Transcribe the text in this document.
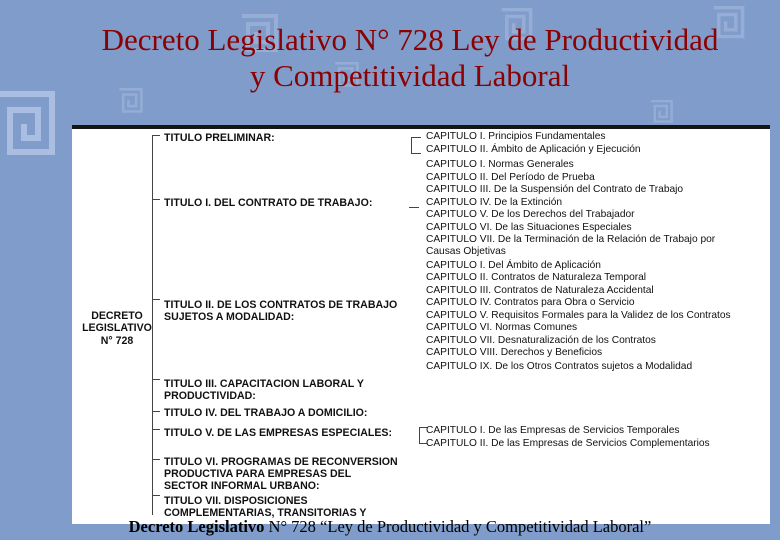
Decreto Legislativo N° 728 Ley de Productividad
y Competitividad Laboral
DECRETO
LEGISLATIVO
N° 728
TITULO PRELIMINAR:
TITULO I. DEL CONTRATO DE TRABAJO:
TITULO II. DE LOS CONTRATOS DE TRABAJO
SUJETOS A MODALIDAD:
TITULO III. CAPACITACION LABORAL Y
PRODUCTIVIDAD:
TITULO IV. DEL TRABAJO A DOMICILIO:
TITULO V. DE LAS EMPRESAS ESPECIALES:
TITULO VI. PROGRAMAS DE RECONVERSION
PRODUCTIVA PARA EMPRESAS DEL
SECTOR INFORMAL URBANO:
TITULO VII. DISPOSICIONES
COMPLEMENTARIAS, TRANSITORIAS Y
CAPITULO I. Principios Fundamentales
CAPITULO II. Ámbito de Aplicación y Ejecución
CAPITULO I. Normas Generales
CAPITULO II. Del Período de Prueba
CAPITULO III. De la Suspensión del Contrato de Trabajo
CAPITULO IV. De la Extinción
CAPITULO V. De los Derechos del Trabajador
CAPITULO VI. De las Situaciones Especiales
CAPITULO VII. De la Terminación de la Relación de Trabajo por
Causas Objetivas
CAPITULO I. Del Ámbito de Aplicación
CAPITULO II. Contratos de Naturaleza Temporal
CAPITULO III. Contratos de Naturaleza Accidental
CAPITULO IV. Contratos para Obra o Servicio
CAPITULO V. Requisitos Formales para la Validez de los Contratos
CAPITULO VI. Normas Comunes
CAPITULO VII. Desnaturalización de los Contratos
CAPITULO VIII. Derechos y Beneficios
CAPITULO IX. De los Otros Contratos sujetos a Modalidad
CAPITULO I. De las Empresas de Servicios Temporales
CAPITULO II. De las Empresas de Servicios Complementarios
Decreto Legislativo N° 728 “Ley de Productividad y Competitividad Laboral”
